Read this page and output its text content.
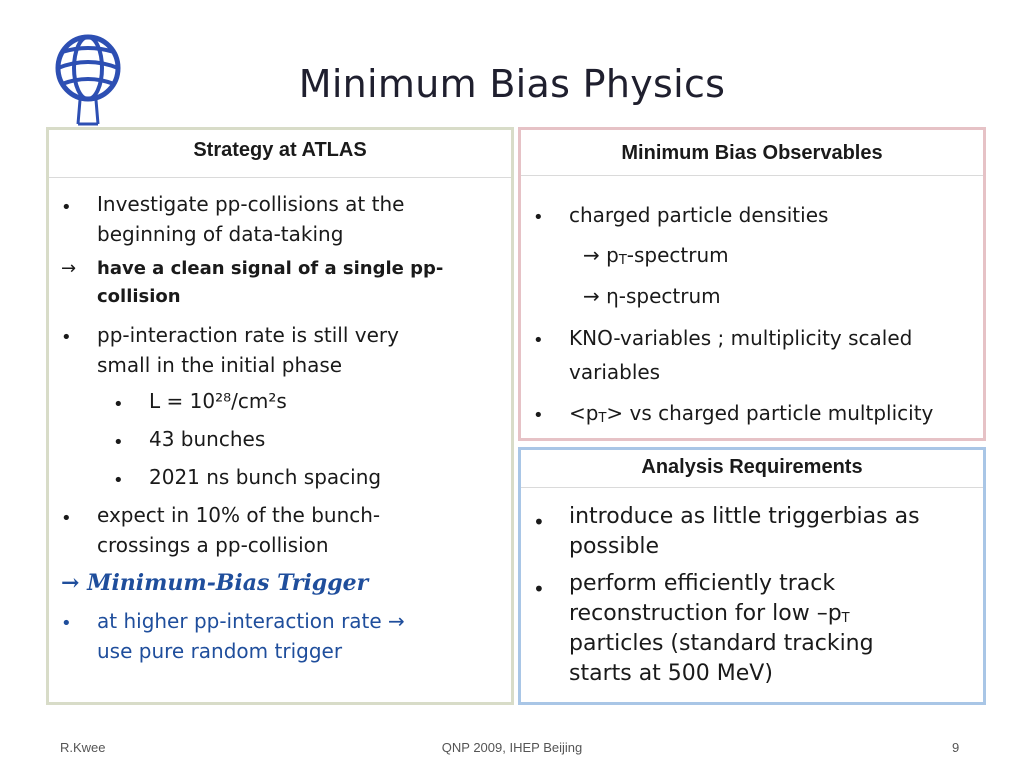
Minimum Bias Physics
Strategy at ATLAS
• Investigate pp-collisions at the
beginning of data-taking
→ have a clean signal of a single pp-
collision
• pp-interaction rate is still very
small in the initial phase
• L = 10²⁸/cm²s
• 43 bunches
• 2021 ns bunch spacing
• expect in 10% of the bunch-
crossings a pp-collision
→ Minimum-Bias Trigger
• at higher pp-interaction rate →
use pure random trigger
Minimum Bias Observables
• charged particle densities
→ pT-spectrum
→ η-spectrum
• KNO-variables ; multiplicity scaled
variables
• <pT> vs charged particle multplicity
Analysis Requirements
• introduce as little triggerbias as
possible
• perform efficiently track
reconstruction for low –pT
particles (standard tracking
starts at 500 MeV)
R.Kwee	QNP 2009, IHEP Beijing	9
